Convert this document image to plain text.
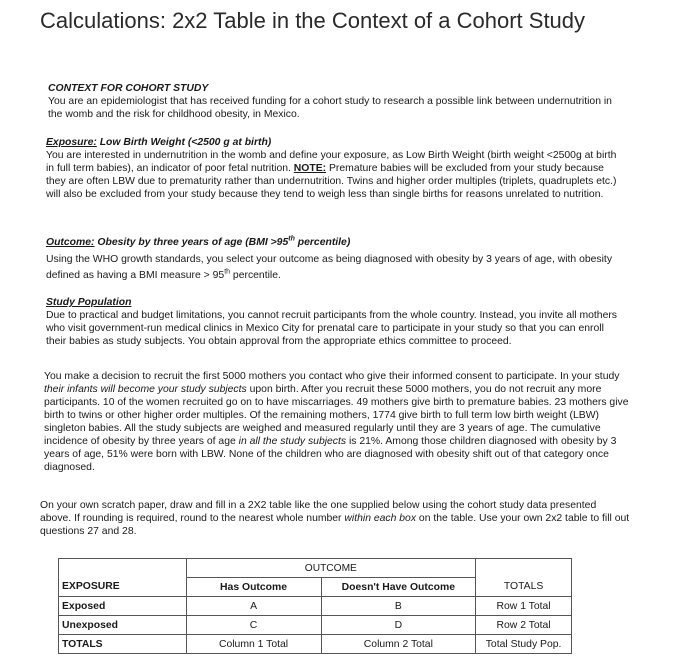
Calculations: 2x2 Table in the Context of a Cohort Study
CONTEXT FOR COHORT STUDY
You are an epidemiologist that has received funding for a cohort study to research a possible link between undernutrition in the womb and the risk for childhood obesity, in Mexico.
Exposure: Low Birth Weight (<2500 g at birth)
You are interested in undernutrition in the womb and define your exposure, as Low Birth Weight (birth weight <2500g at birth in full term babies), an indicator of poor fetal nutrition. NOTE: Premature babies will be excluded from your study because they are often LBW due to prematurity rather than undernutrition. Twins and higher order multiples (triplets, quadruplets etc.) will also be excluded from your study because they tend to weigh less than single births for reasons unrelated to nutrition.
Outcome: Obesity by three years of age (BMI >95th percentile)
Using the WHO growth standards, you select your outcome as being diagnosed with obesity by 3 years of age, with obesity defined as having a BMI measure > 95th percentile.
Study Population
Due to practical and budget limitations, you cannot recruit participants from the whole country. Instead, you invite all mothers who visit government-run medical clinics in Mexico City for prenatal care to participate in your study so that you can enroll their babies as study subjects. You obtain approval from the appropriate ethics committee to proceed.
You make a decision to recruit the first 5000 mothers you contact who give their informed consent to participate. In your study their infants will become your study subjects upon birth. After you recruit these 5000 mothers, you do not recruit any more participants. 10 of the women recruited go on to have miscarriages. 49 mothers give birth to premature babies. 23 mothers give birth to twins or other higher order multiples. Of the remaining mothers, 1774 give birth to full term low birth weight (LBW) singleton babies. All the study subjects are weighed and measured regularly until they are 3 years of age. The cumulative incidence of obesity by three years of age in all the study subjects is 21%. Among those children diagnosed with obesity by 3 years of age, 51% were born with LBW. None of the children who are diagnosed with obesity shift out of that category once diagnosed.
On your own scratch paper, draw and fill in a 2X2 table like the one supplied below using the cohort study data presented above. If rounding is required, round to the nearest whole number within each box on the table. Use your own 2x2 table to fill out questions 27 and 28.
	OUTCOME		
EXPOSURE	Has Outcome	Doesn't Have Outcome	TOTALS
Exposed	A	B	Row 1 Total
Unexposed	C	D	Row 2 Total
TOTALS	Column 1 Total	Column 2 Total	Total Study Pop.
